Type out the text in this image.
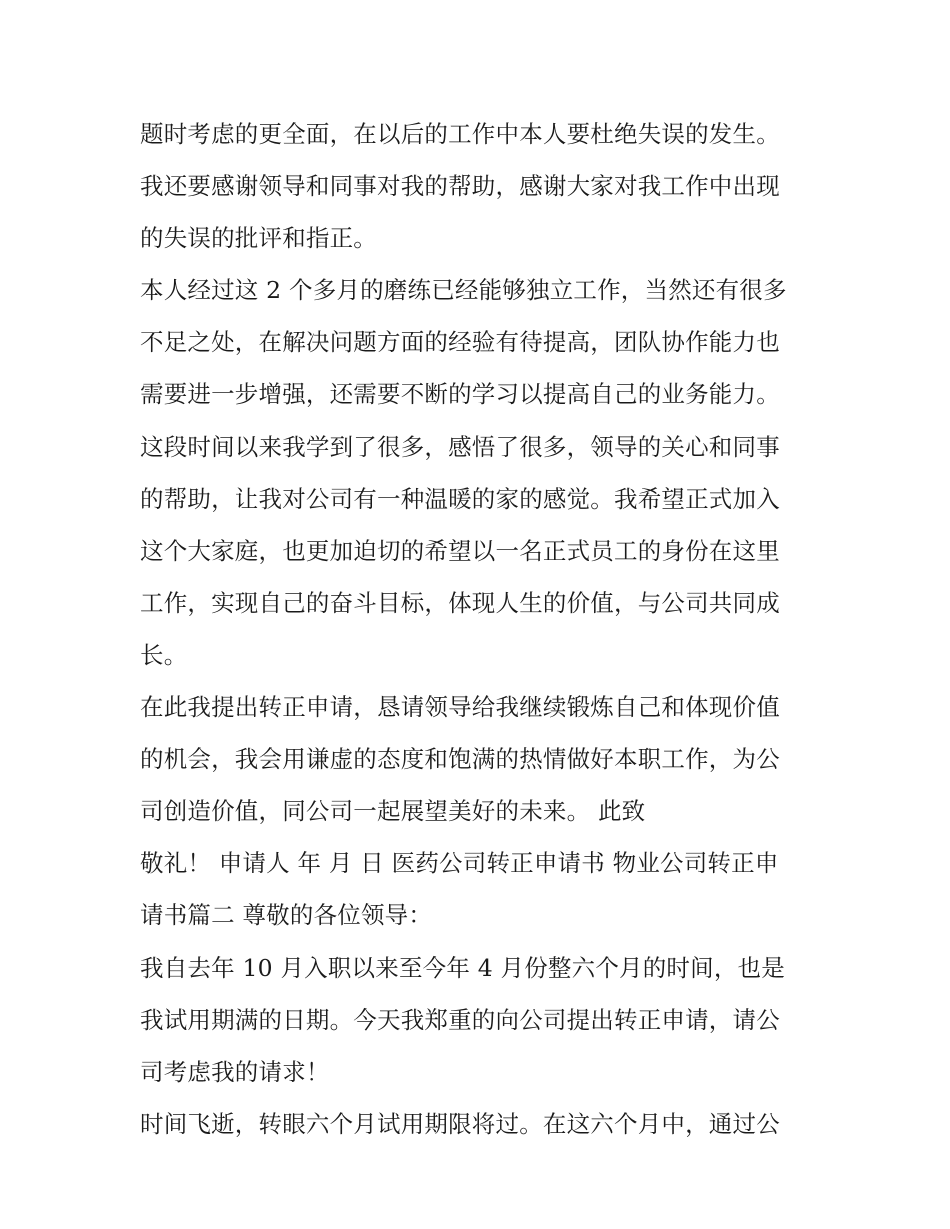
题时考虑的更全面，在以后的工作中本人要杜绝失误的发生。
我还要感谢领导和同事对我的帮助，感谢大家对我工作中出现
的失误的批评和指正。
本人经过这 2 个多月的磨练已经能够独立工作，当然还有很多
不足之处，在解决问题方面的经验有待提高，团队协作能力也
需要进一步增强，还需要不断的学习以提高自己的业务能力。
这段时间以来我学到了很多，感悟了很多，领导的关心和同事
的帮助，让我对公司有一种温暖的家的感觉。我希望正式加入
这个大家庭，也更加迫切的希望以一名正式员工的身份在这里
工作，实现自己的奋斗目标，体现人生的价值，与公司共同成
长。
在此我提出转正申请，恳请领导给我继续锻炼自己和体现价值
的机会，我会用谦虚的态度和饱满的热情做好本职工作，为公
司创造价值，同公司一起展望美好的未来。 此致
敬礼！ 申请人 年 月 日 医药公司转正申请书 物业公司转正申
请书篇二 尊敬的各位领导：
我自去年 10 月入职以来至今年 4 月份整六个月的时间，也是
我试用期满的日期。今天我郑重的向公司提出转正申请，请公
司考虑我的请求！
时间飞逝，转眼六个月试用期限将过。在这六个月中，通过公
